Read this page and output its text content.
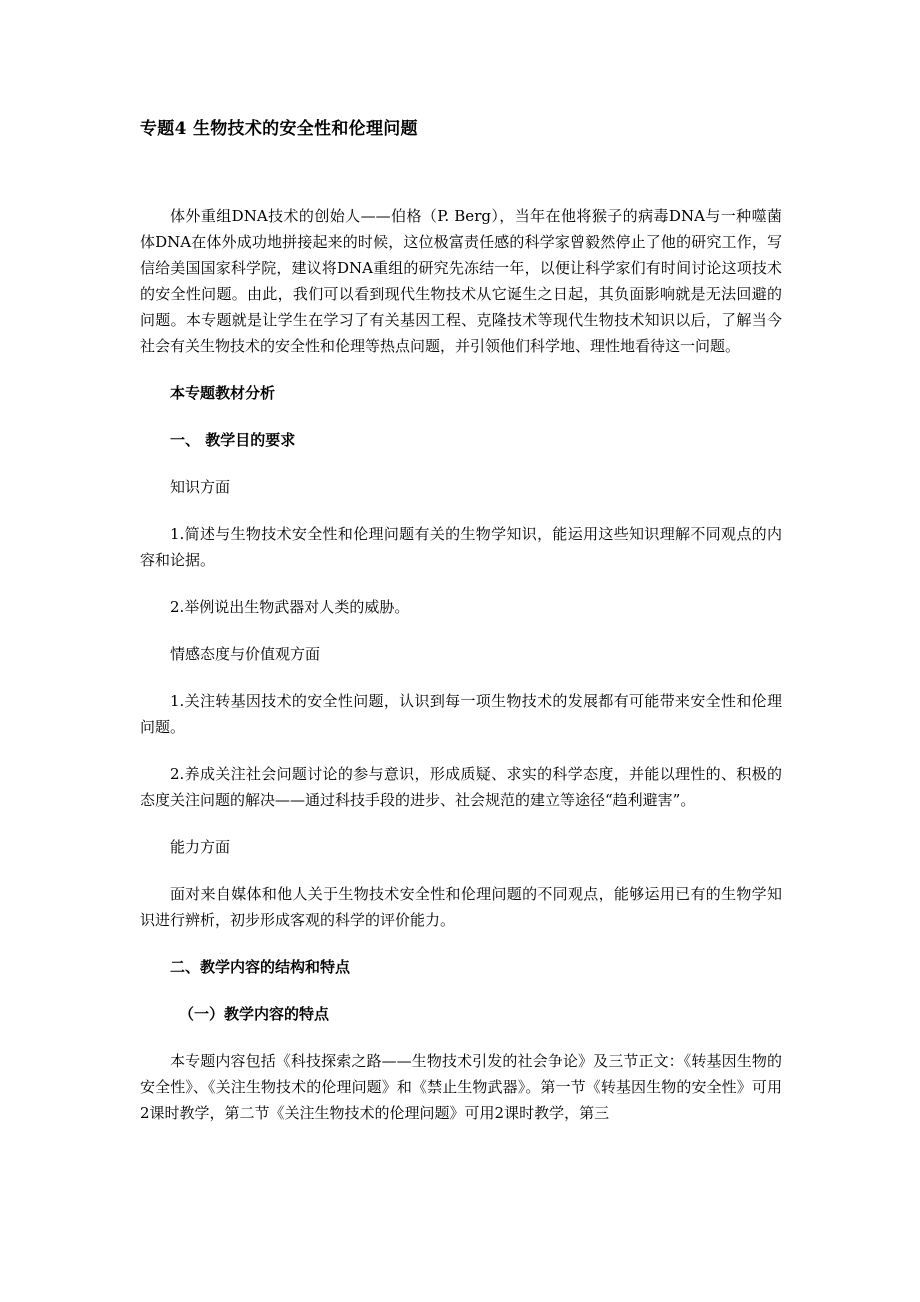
专题4 生物技术的安全性和伦理问题

体外重组DNA技术的创始人——伯格（P. Berg），当年在他将猴子的病毒DNA与一种噬菌体DNA在体外成功地拼接起来的时候，这位极富责任感的科学家曾毅然停止了他的研究工作，写信给美国国家科学院，建议将DNA重组的研究先冻结一年，以便让科学家们有时间讨论这项技术的安全性问题。由此，我们可以看到现代生物技术从它诞生之日起，其负面影响就是无法回避的问题。本专题就是让学生在学习了有关基因工程、克隆技术等现代生物技术知识以后，了解当今社会有关生物技术的安全性和伦理等热点问题，并引领他们科学地、理性地看待这一问题。

本专题教材分析

一、 教学目的要求

知识方面

1.简述与生物技术安全性和伦理问题有关的生物学知识，能运用这些知识理解不同观点的内容和论据。

2.举例说出生物武器对人类的威胁。

情感态度与价值观方面

1.关注转基因技术的安全性问题，认识到每一项生物技术的发展都有可能带来安全性和伦理问题。

2.养成关注社会问题讨论的参与意识，形成质疑、求实的科学态度，并能以理性的、积极的态度关注问题的解决——通过科技手段的进步、社会规范的建立等途径“趋利避害”。

能力方面

面对来自媒体和他人关于生物技术安全性和伦理问题的不同观点，能够运用已有的生物学知识进行辨析，初步形成客观的科学的评价能力。

二、教学内容的结构和特点

（一）教学内容的特点

本专题内容包括《科技探索之路——生物技术引发的社会争论》及三节正文：《转基因生物的安全性》、《关注生物技术的伦理问题》和《禁止生物武器》。第一节《转基因生物的安全性》可用2课时教学，第二节《关注生物技术的伦理问题》可用2课时教学，第三
